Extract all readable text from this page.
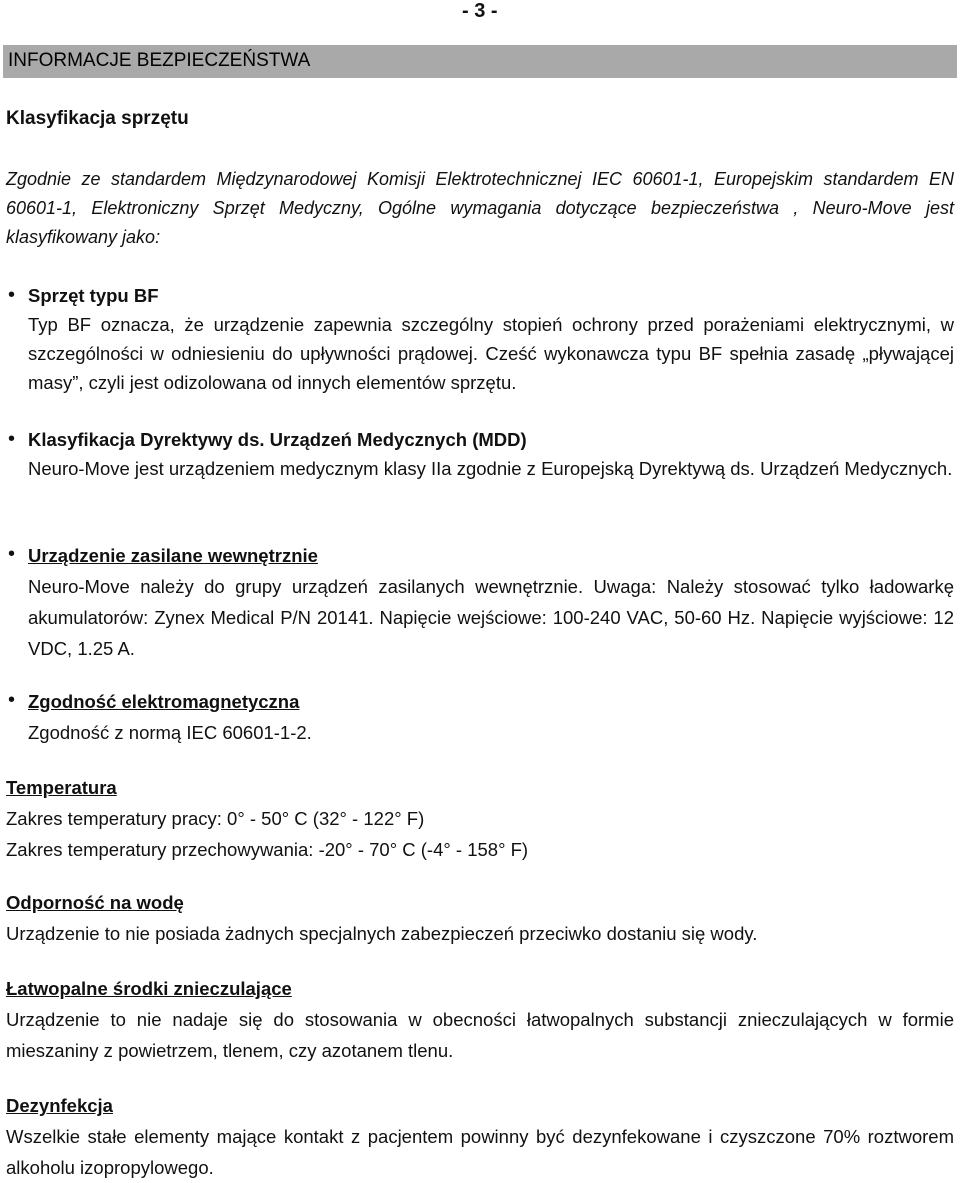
- 3 -
INFORMACJE BEZPIECZEŃSTWA
Klasyfikacja sprzętu
Zgodnie ze standardem Międzynarodowej Komisji Elektrotechnicznej IEC 60601-1, Europejskim standardem EN 60601-1, Elektroniczny Sprzęt Medyczny, Ogólne wymagania dotyczące bezpieczeństwa , Neuro-Move jest klasyfikowany jako:
• Sprzęt typu BF
Typ BF oznacza, że urządzenie zapewnia szczególny stopień ochrony przed porażeniami elektrycznymi, w szczególności w odniesieniu do upływności prądowej. Cześć wykonawcza typu BF spełnia zasadę „pływającej masy”, czyli jest odizolowana od innych elementów sprzętu.
• Klasyfikacja Dyrektywy ds. Urządzeń Medycznych (MDD)
Neuro-Move jest urządzeniem medycznym klasy IIa zgodnie z Europejską Dyrektywą ds. Urządzeń Medycznych.
• Urządzenie zasilane wewnętrznie
Neuro-Move należy do grupy urządzeń zasilanych wewnętrznie. Uwaga: Należy stosować tylko ładowarkę akumulatorów: Zynex Medical P/N 20141. Napięcie wejściowe: 100-240 VAC, 50-60 Hz. Napięcie wyjściowe: 12 VDC, 1.25 A.
• Zgodność elektromagnetyczna
Zgodność z normą IEC 60601-1-2.
Temperatura
Zakres temperatury pracy: 0° - 50° C (32° - 122° F)
Zakres temperatury przechowywania: -20° - 70° C (-4° - 158° F)
Odporność na wodę
Urządzenie to nie posiada żadnych specjalnych zabezpieczeń przeciwko dostaniu się wody.
Łatwopalne środki znieczulające
Urządzenie to nie nadaje się do stosowania w obecności łatwopalnych substancji znieczulających w formie mieszaniny z powietrzem, tlenem, czy azotanem tlenu.
Dezynfekcja
Wszelkie stałe elementy mające kontakt z pacjentem powinny być dezynfekowane i czyszczone 70% roztworem alkoholu izopropylowego.
